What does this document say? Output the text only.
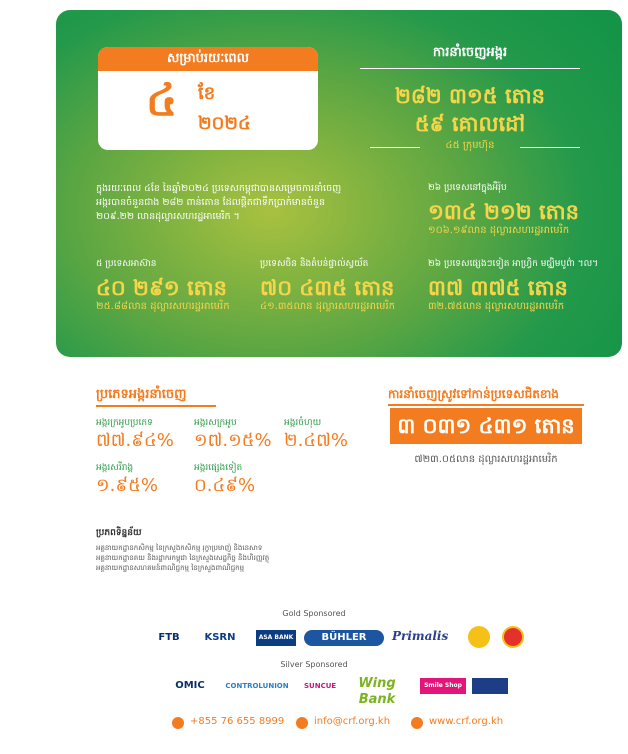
សម្រាប់រយៈពេល
៤ ខែ
២០២៤
ការនាំចេញអង្ករ
២៨២ ៣១៥ តោន
៥៩ គោលដៅ
៤៥ ក្រុមហ៊ុន
ក្នុងរយៈពេល ៤ខែ នៃឆ្នាំ២០២៤ ប្រទេសកម្ពុជាបានសម្រេចការនាំចេញ
អង្ករបានចំនួនជាង ២៨២ ពាន់តោន ដែលផ្តិតជាទឹកប្រាក់មានចំនួន
២០៩.២២ លានដុល្លារសហរដ្ឋអាមេរិក ។
២៦ ប្រទេសនៅក្នុងអឺរ៉ុប
១៣៤ ២១២ តោន
១០៦.១៩លាន ដុល្លារសហរដ្ឋអាមេរិក
៥ ប្រទេសអាស៊ាន
៤០ ២៩១ តោន
២៥.៨៨លាន ដុល្លារសហរដ្ឋអាមេរិក
ប្រទេសចិន និងតំបន់ផ្ទាល់ស្វយ័ត
៧០ ៤៣៥ តោន
៤១.៣៥លាន ដុល្លារសហរដ្ឋអាមេរិក
២៦ ប្រទេសផ្សេងៗទៀត អាហ្វ្រិក មជ្ឈិមបូព៌ា ។ល។
៣៧ ៣៧៥ តោន
៣២.៧៥លាន ដុល្លារសហរដ្ឋអាមេរិក
ប្រភេទអង្ករនាំចេញ
អង្ករក្រអូបប្រភេទ
៧៧.៩៤%
អង្ករសក្រអូប
១៧.១៥%
អង្ករចំហុយ
២.៤៧%
អង្ករសរីរាង្គ
១.៩៥%
អង្ករផ្សេងទៀត
០.៤៩%
ការនាំចេញស្រូវទៅកាន់ប្រទេសជិតខាង
៣ ០៣១ ៤៣១ តោន
៧២៣.០៥លាន ដុល្លារសហរដ្ឋអាមេរិក
ប្រភពទិន្នន័យ
អគ្គនាយកដ្ឋានកសិកម្ម នៃក្រសួងកសិកម្ម រុក្ខាប្រមាញ់ និងនេសាទ
អគ្គនាយកដ្ឋានគយ និងរដ្ឋាករកម្ពុជា នៃក្រសួងសេដ្ឋកិច្ច និងហិរញ្ញវត្ថុ
អគ្គនាយកដ្ឋានសហគមន៍ពាណិជ្ជកម្ម នៃក្រសួងពាណិជ្ជកម្ម
Gold Sponsored
FTB	KSRN	ASA BANK	BÜHLER	Primalis
Silver Sponsored
OMIC	CONTROLUNION	SUNCUE	Wing Bank
Smile Shop
+855 76 655 8999	info@crf.org.kh	www.crf.org.kh
